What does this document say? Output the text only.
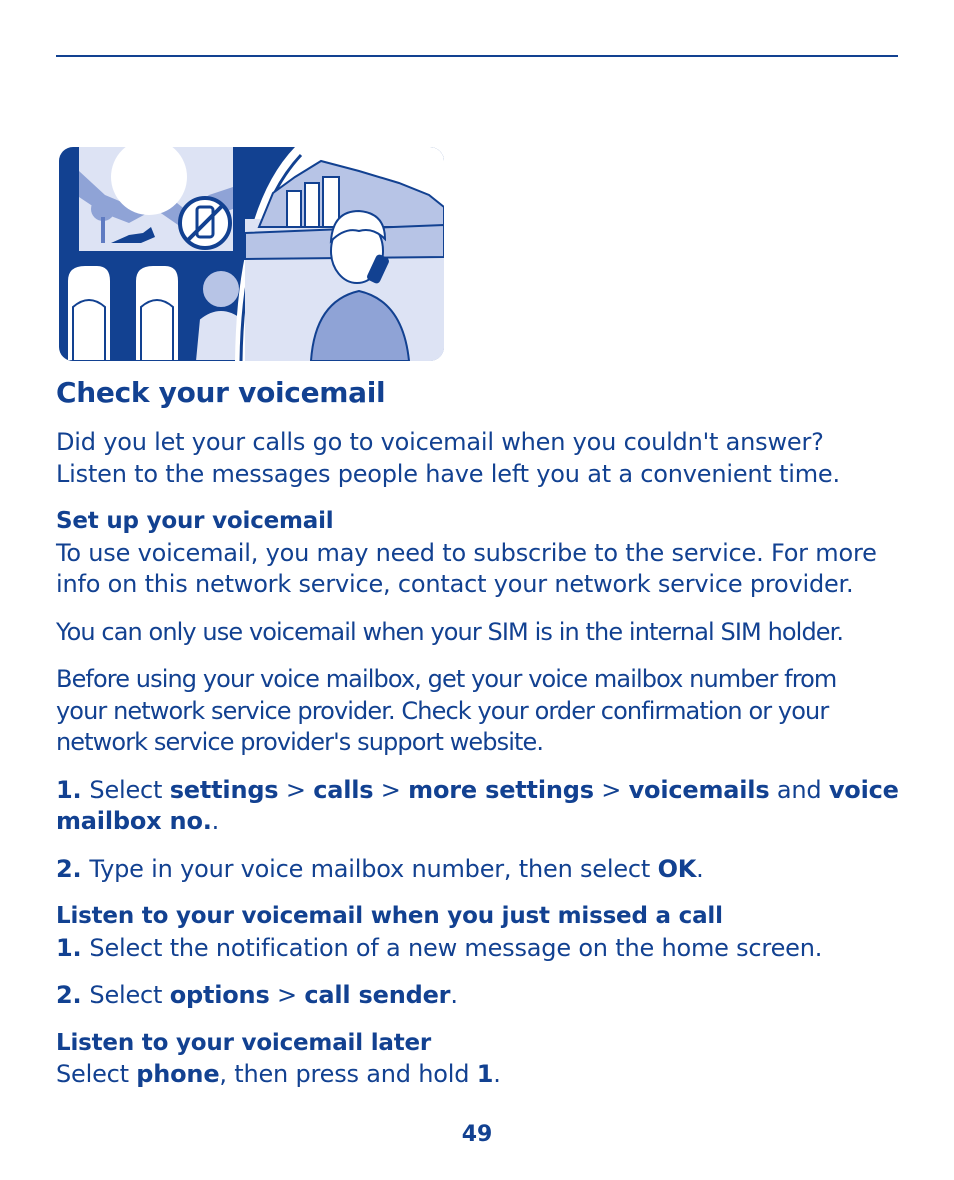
Check your voicemail

Did you let your calls go to voicemail when you couldn't answer?
Listen to the messages people have left you at a convenient time.

Set up your voicemail

To use voicemail, you may need to subscribe to the service. For more
info on this network service, contact your network service provider.

You can only use voicemail when your SIM is in the internal SIM holder.

Before using your voice mailbox, get your voice mailbox number from
your network service provider. Check your order confirmation or your
network service provider's support website.

1. Select settings > calls > more settings > voicemails and voice
mailbox no..

2. Type in your voice mailbox number, then select OK.

Listen to your voicemail when you just missed a call

1. Select the notification of a new message on the home screen.

2. Select options > call sender.

Listen to your voicemail later

Select phone, then press and hold 1.

49
